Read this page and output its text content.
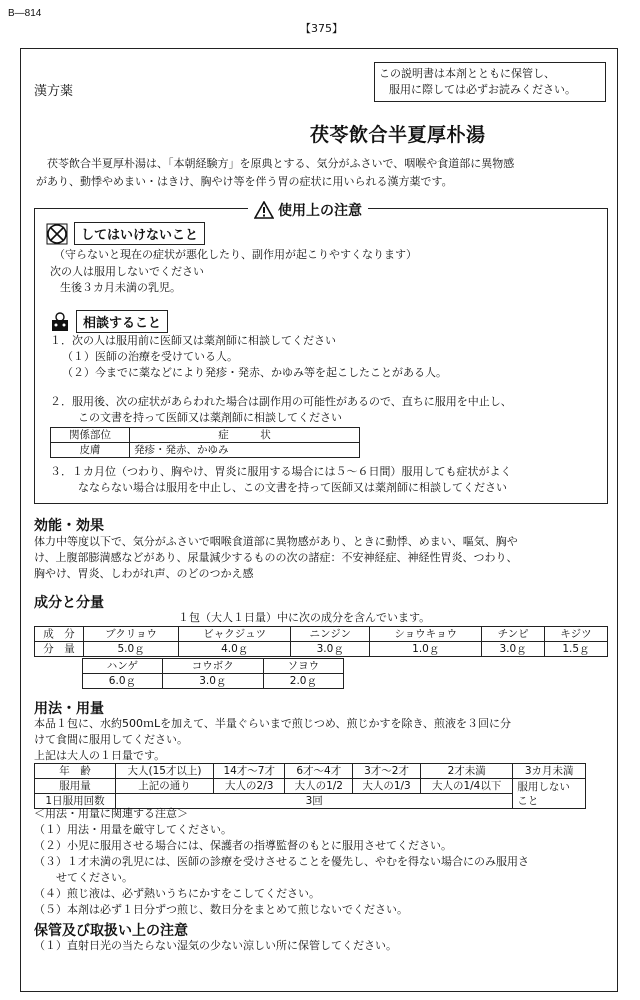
B―814
【375】
漢方薬
この説明書は本剤とともに保管し、
服用に際しては必ずお読みください。
茯苓飲合半夏厚朴湯
茯苓飲合半夏厚朴湯は、「本朝経験方」を原典とする、気分がふさいで、咽喉や食道部に異物感
があり、動悸やめまい・はきけ、胸やけ等を伴う胃の症状に用いられる漢方薬です。
使用上の注意
してはいけないこと
（守らないと現在の症状が悪化したり、副作用が起こりやすくなります）
次の人は服用しないでください
生後３カ月未満の乳児。
相談すること
１．次の人は服用前に医師又は薬剤師に相談してください
（１）医師の治療を受けている人。
（２）今までに薬などにより発疹・発赤、かゆみ等を起こしたことがある人。
２．服用後、次の症状があらわれた場合は副作用の可能性があるので、直ちに服用を中止し、
この文書を持って医師又は薬剤師に相談してください
関係部位	症　　　状
皮膚	発疹・発赤、かゆみ
３．１カ月位（つわり、胸やけ、胃炎に服用する場合には５～６日間）服用しても症状がよく
なならない場合は服用を中止し、この文書を持って医師又は薬剤師に相談してください
効能・効果
体力中等度以下で、気分がふさいで咽喉食道部に異物感があり、ときに動悸、めまい、嘔気、胸や
け、上腹部膨満感などがあり、尿量減少するものの次の諸症：不安神経症、神経性胃炎、つわり、
胸やけ、胃炎、しわがれ声、のどのつかえ感
成分と分量
１包（大人１日量）中に次の成分を含んでいます。
成　分	ブクリョウ	ビャクジュツ	ニンジン	ショウキョウ	チンピ	キジツ
分　量	5.0ｇ	4.0ｇ	3.0ｇ	1.0ｇ	3.0ｇ	1.5ｇ
ハンゲ	コウボク	ソヨウ
6.0ｇ	3.0ｇ	2.0ｇ
用法・用量
本品１包に、水約500ｍLを加えて、半量ぐらいまで煎じつめ、煎じかすを除き、煎液を３回に分
けて食間に服用してください。
上記は大人の１日量です。
年　齢	大人(15才以上)	14才～7才	6才～4才	3才～2才	2才未満	3カ月未満
服用量	上記の通り	大人の2/3	大人の1/2	大人の1/3	大人の1/4以下	服用しない
こと
1日服用回数	3回					
＜用法・用量に関連する注意＞
（１）用法・用量を厳守してください。
（２）小児に服用させる場合には、保護者の指導監督のもとに服用させてください。
（３）１才未満の乳児には、医師の診療を受けさせることを優先し、やむを得ない場合にのみ服用さ
　　せてください。
（４）煎じ液は、必ず熱いうちにかすをこしてください。
（５）本剤は必ず１日分ずつ煎じ、数日分をまとめて煎じないでください。
保管及び取扱い上の注意
（１）直射日光の当たらない湿気の少ない涼しい所に保管してください。
